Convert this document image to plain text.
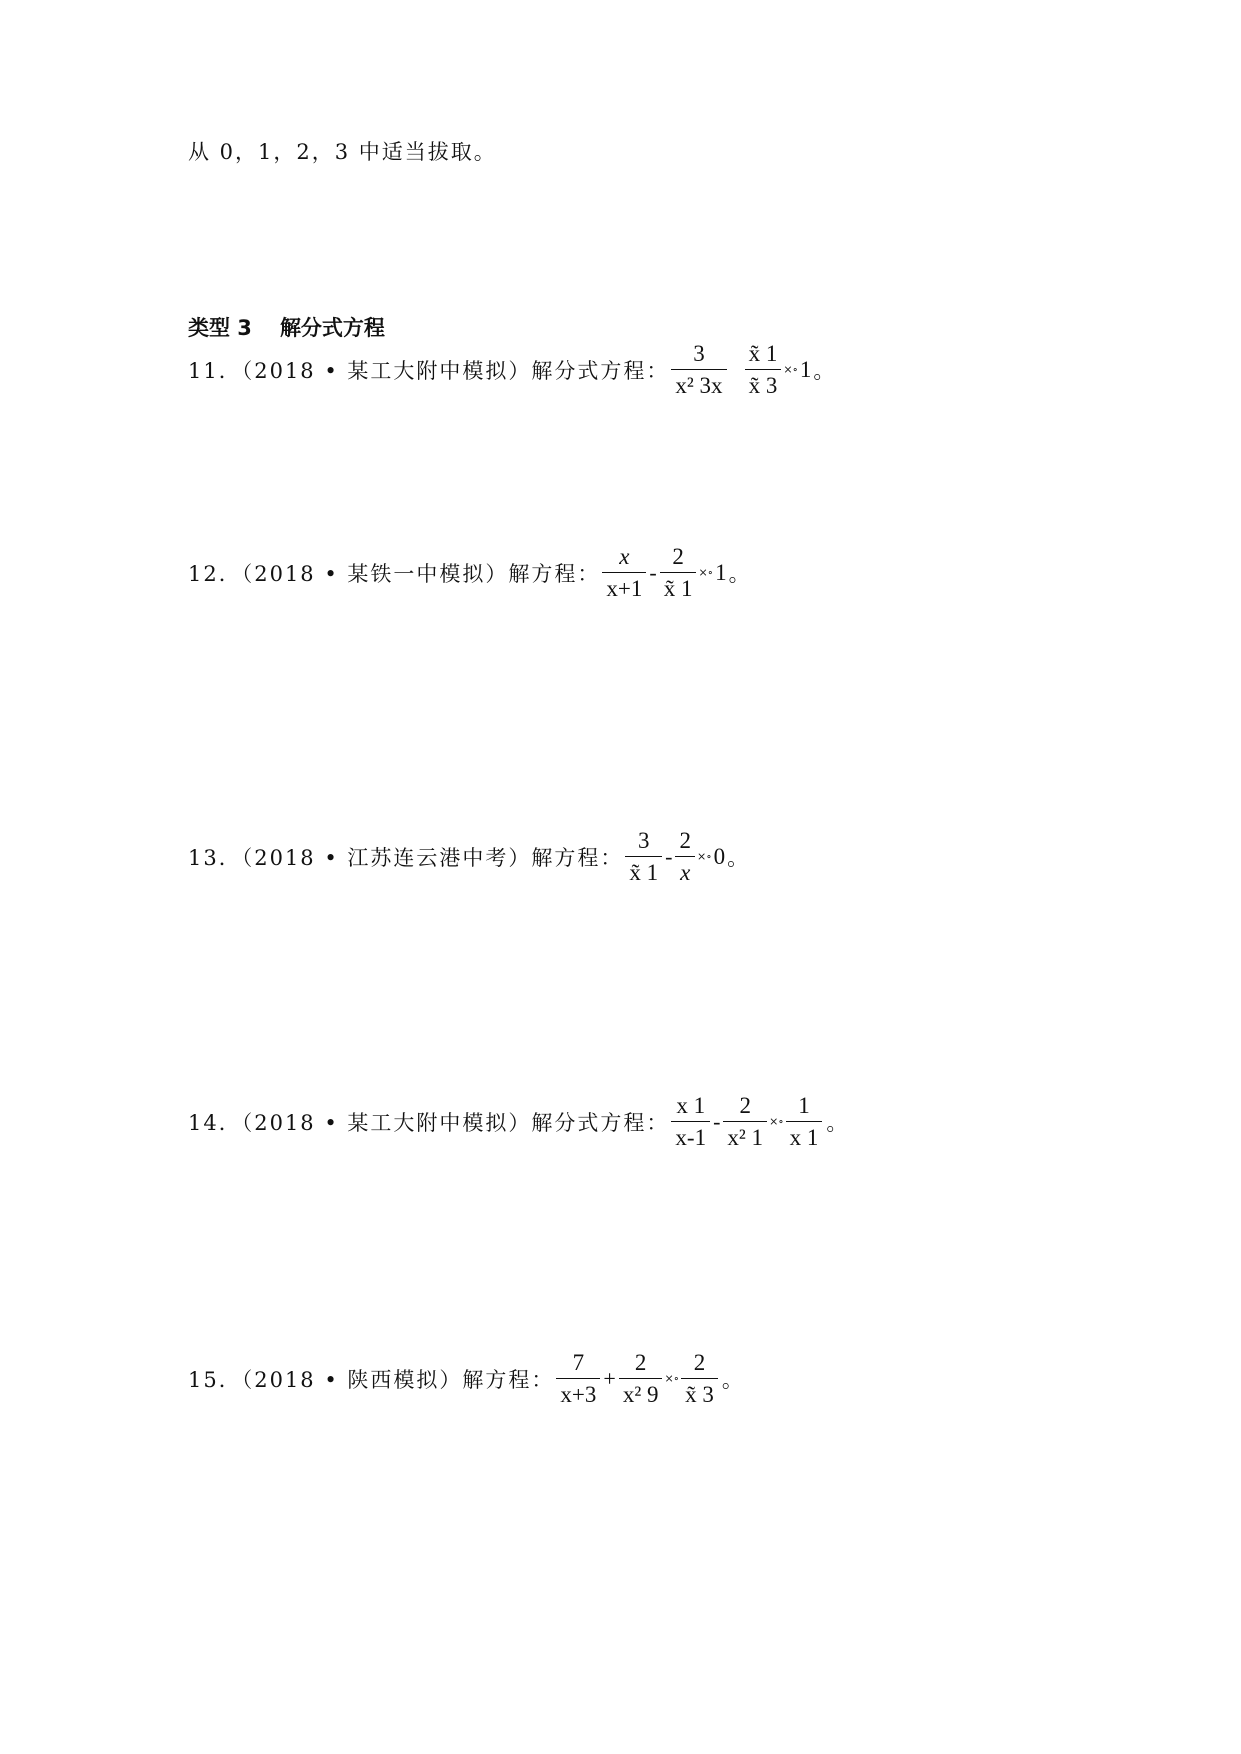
从 0，1，2，3 中适当拔取。
类型 3 解分式方程
11．（2018 • 某工大附中模拟）解分式方程： $\frac{3}{\text{x² 3x}} \frac{x̃ 1}{x̃ 3}$ ×∘ 1 。
12．（2018 • 某铁一中模拟）解方程： $\frac{x}{x+1} - \frac{2}{x̃ 1}$ ×∘ 1 。
13．（2018 • 江苏连云港中考）解方程： $\frac{3}{x̃ 1} - \frac{2}{x}$ ×∘ 0 。
14．（2018 • 某工大附中模拟）解分式方程： $\frac{x 1}{x-1} - \frac{2}{\text{x² 1}}$ ×∘ $\frac{1}{x 1}$ 。
15．（2018 • 陕西模拟）解方程： $\frac{7}{x+3} + \frac{2}{\text{x² 9}}$ ×∘ $\frac{2}{x̃ 3}$ 。
